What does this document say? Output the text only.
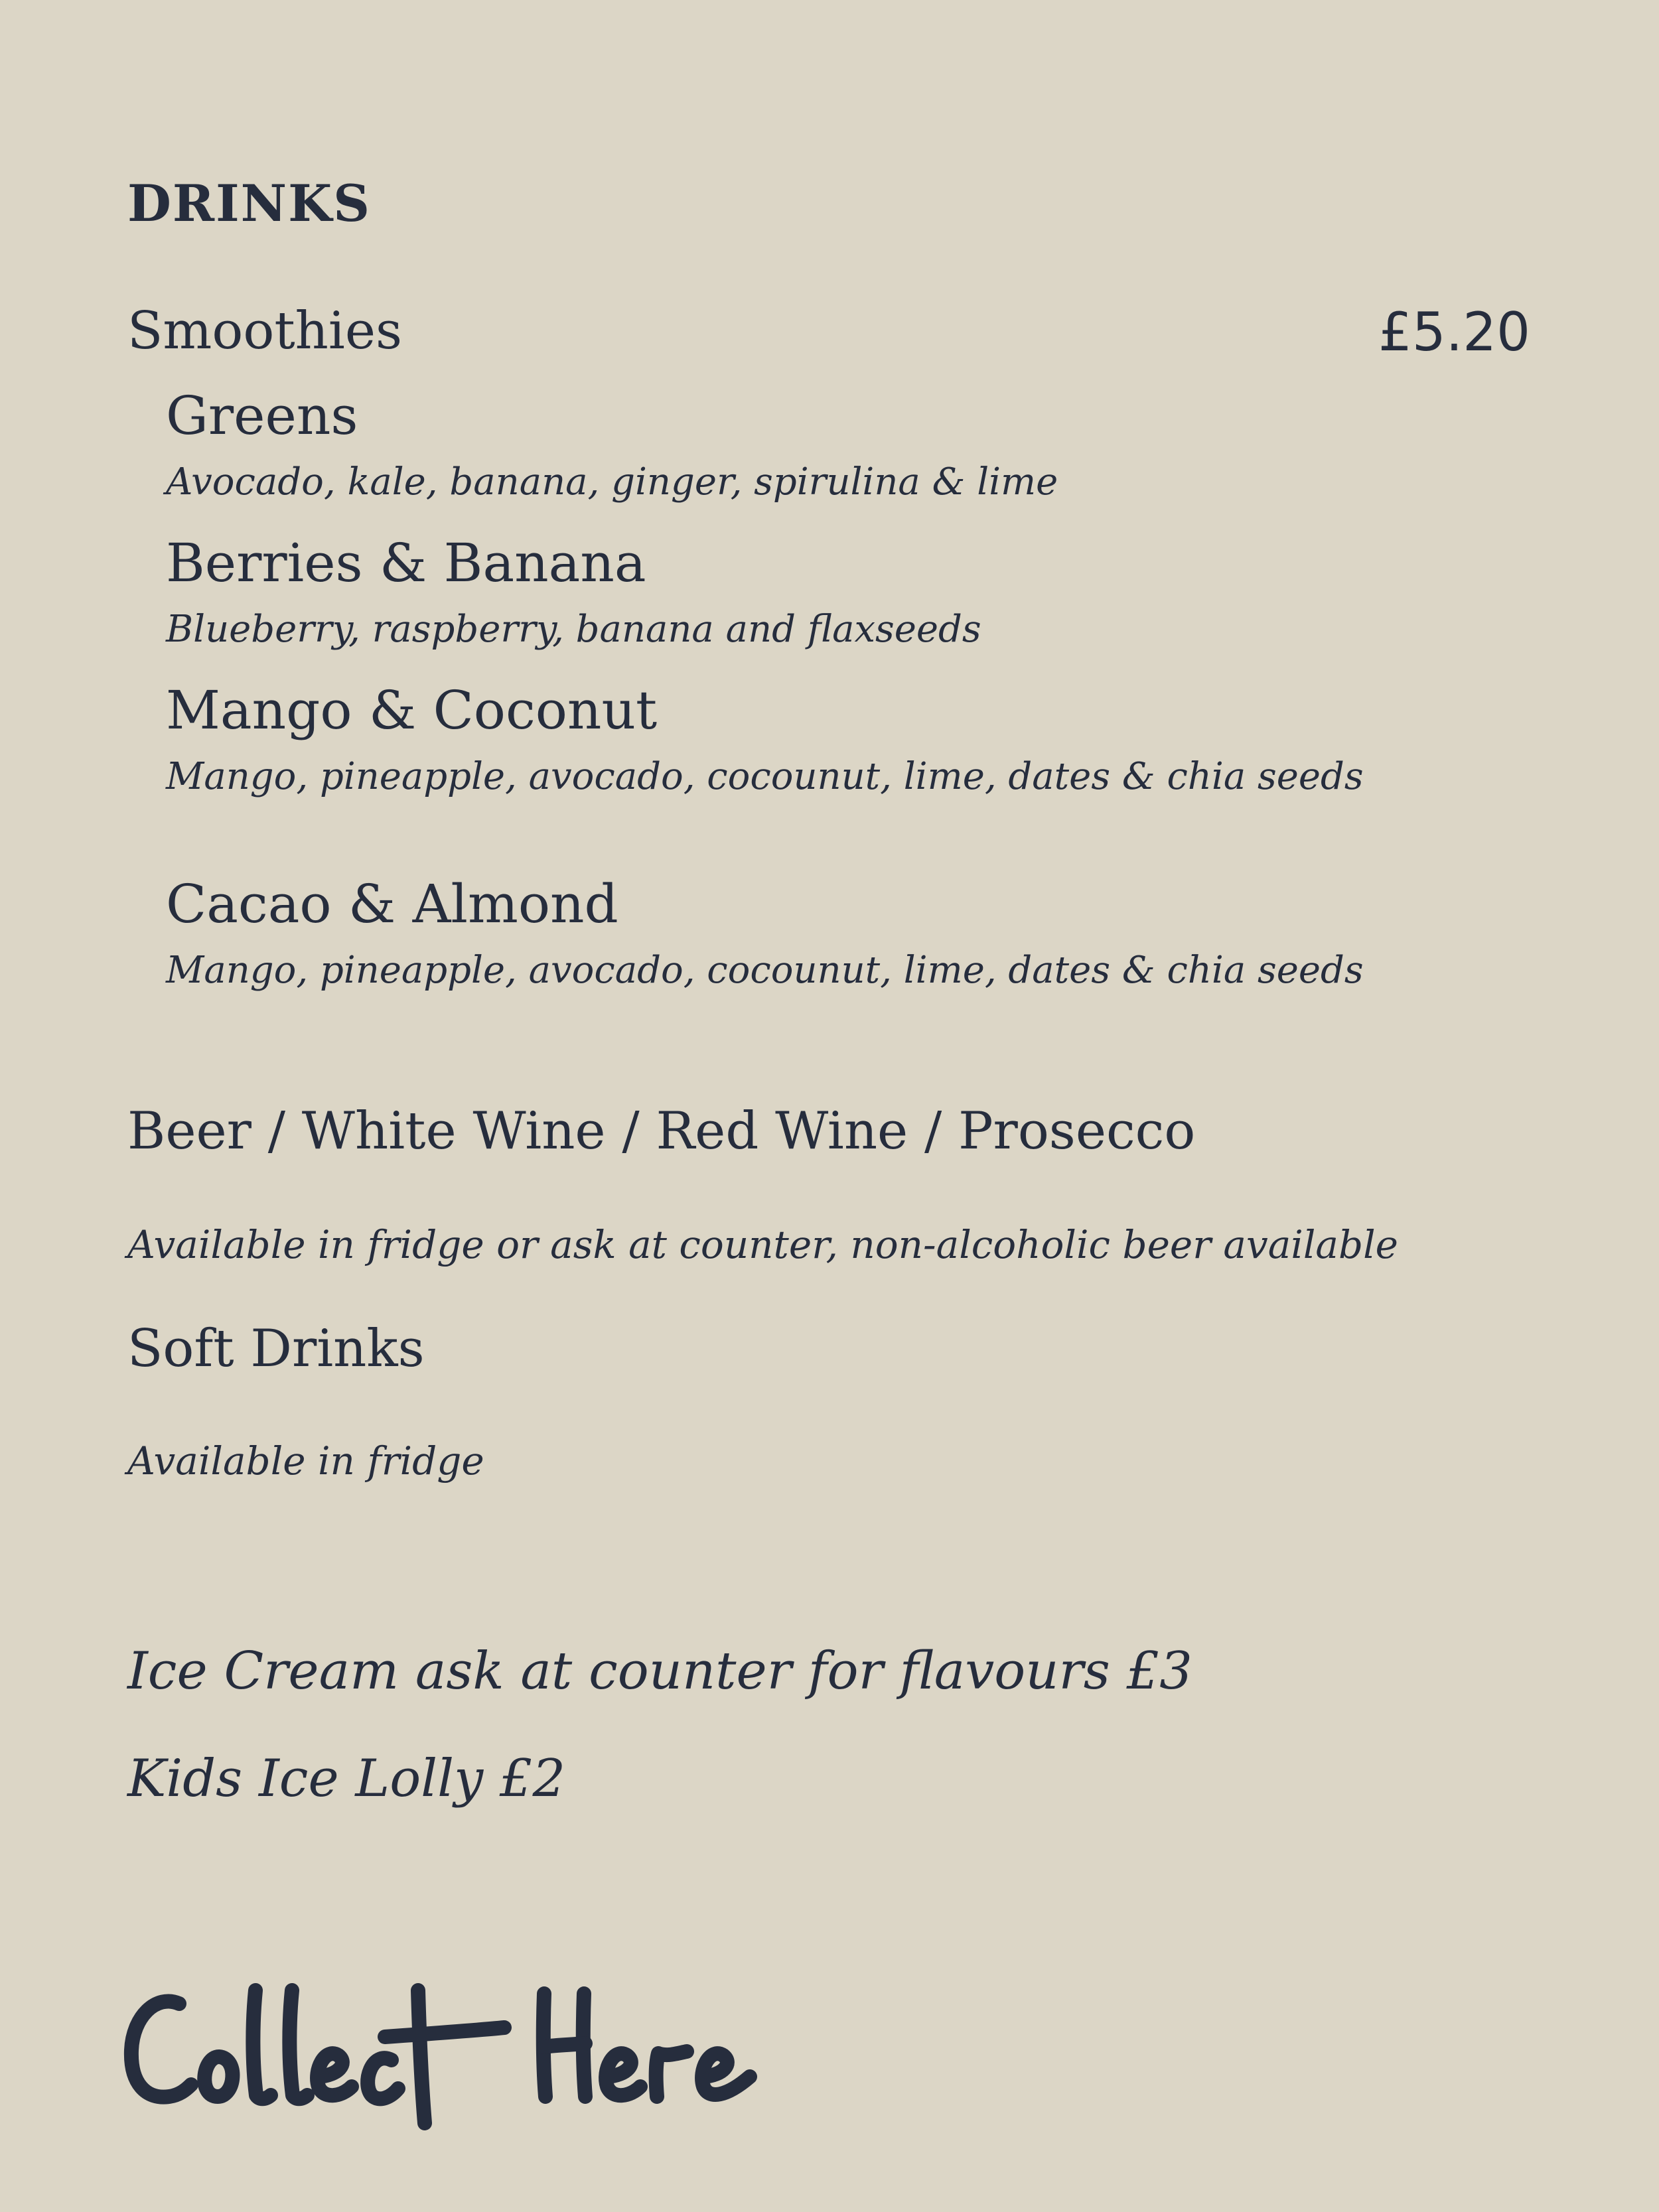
DRINKS
Smoothies	£5.20
Greens
Avocado, kale, banana, ginger, spirulina & lime
Berries & Banana
Blueberry, raspberry, banana and flaxseeds
Mango & Coconut
Mango, pineapple, avocado, cocounut, lime, dates & chia seeds
Cacao & Almond
Mango, pineapple, avocado, cocounut, lime, dates & chia seeds
Beer / White Wine / Red Wine / Prosecco
Available in fridge or ask at counter, non-alcoholic beer available
Soft Drinks
Available in fridge
Ice Cream ask at counter for flavours £3
Kids Ice Lolly £2
